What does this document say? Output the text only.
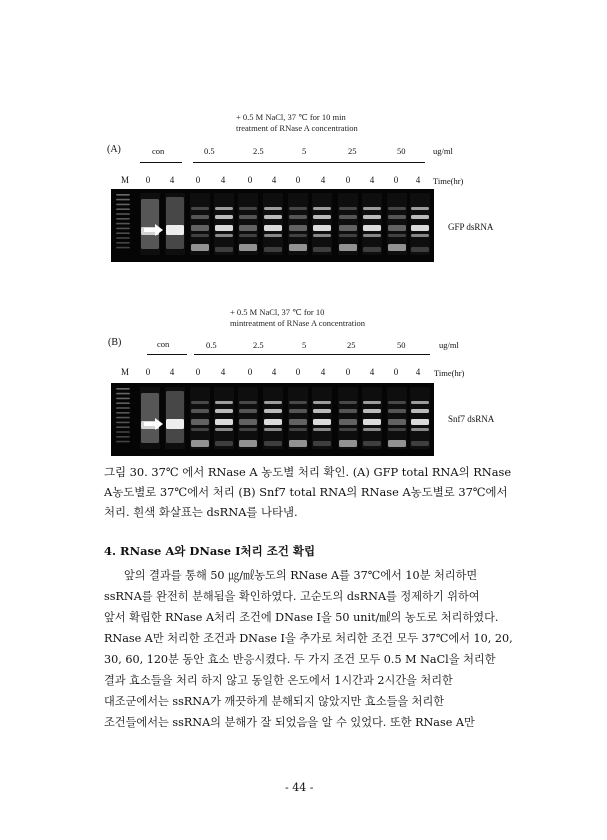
+ 0.5 M NaCl, 37 ℃ for 10 min
treatment of RNase A concentration
(A)	con	0.5	2.5	5	25	50	ug/ml
M	0	4	0	4	0	4	0	4	0	4	0	4	Time(hr)
GFP dsRNA
+ 0.5 M NaCl, 37 ℃ for 10
mintreatment of RNase A concentration
(B)	con	0.5	2.5	5	25	50	ug/ml
M	0	4	0	4	0	4	0	4	0	4	0	4	Time(hr)
Snf7 dsRNA
그림 30. 37℃ 에서 RNase A 농도별 처리 확인. (A) GFP total RNA의 RNase
A농도별로 37℃에서 처리 (B) Snf7 total RNA의 RNase A농도별로 37℃에서
처리. 흰색 화살표는 dsRNA를 나타냄.
4. RNase A와 DNase I처리 조건 확립
앞의 결과를 통해 50 ㎍/㎖농도의 RNase A를 37℃에서 10분 처리하면
ssRNA를 완전히 분해됨을 확인하였다. 고순도의 dsRNA를 정제하기 위하여
앞서 확립한 RNase A처리 조건에 DNase I을 50 unit/㎖의 농도로 처리하였다.
RNase A만 처리한 조건과 DNase I을 추가로 처리한 조건 모두 37℃에서 10, 20,
30, 60, 120분 동안 효소 반응시켰다. 두 가지 조건 모두 0.5 M NaCl을 처리한
결과 효소들을 처리 하지 않고 동일한 온도에서 1시간과 2시간을 처리한
대조군에서는 ssRNA가 깨끗하게 분해되지 않았지만 효소들을 처리한
조건들에서는 ssRNA의 분해가 잘 되었음을 알 수 있었다. 또한 RNase A만
- 44 -
